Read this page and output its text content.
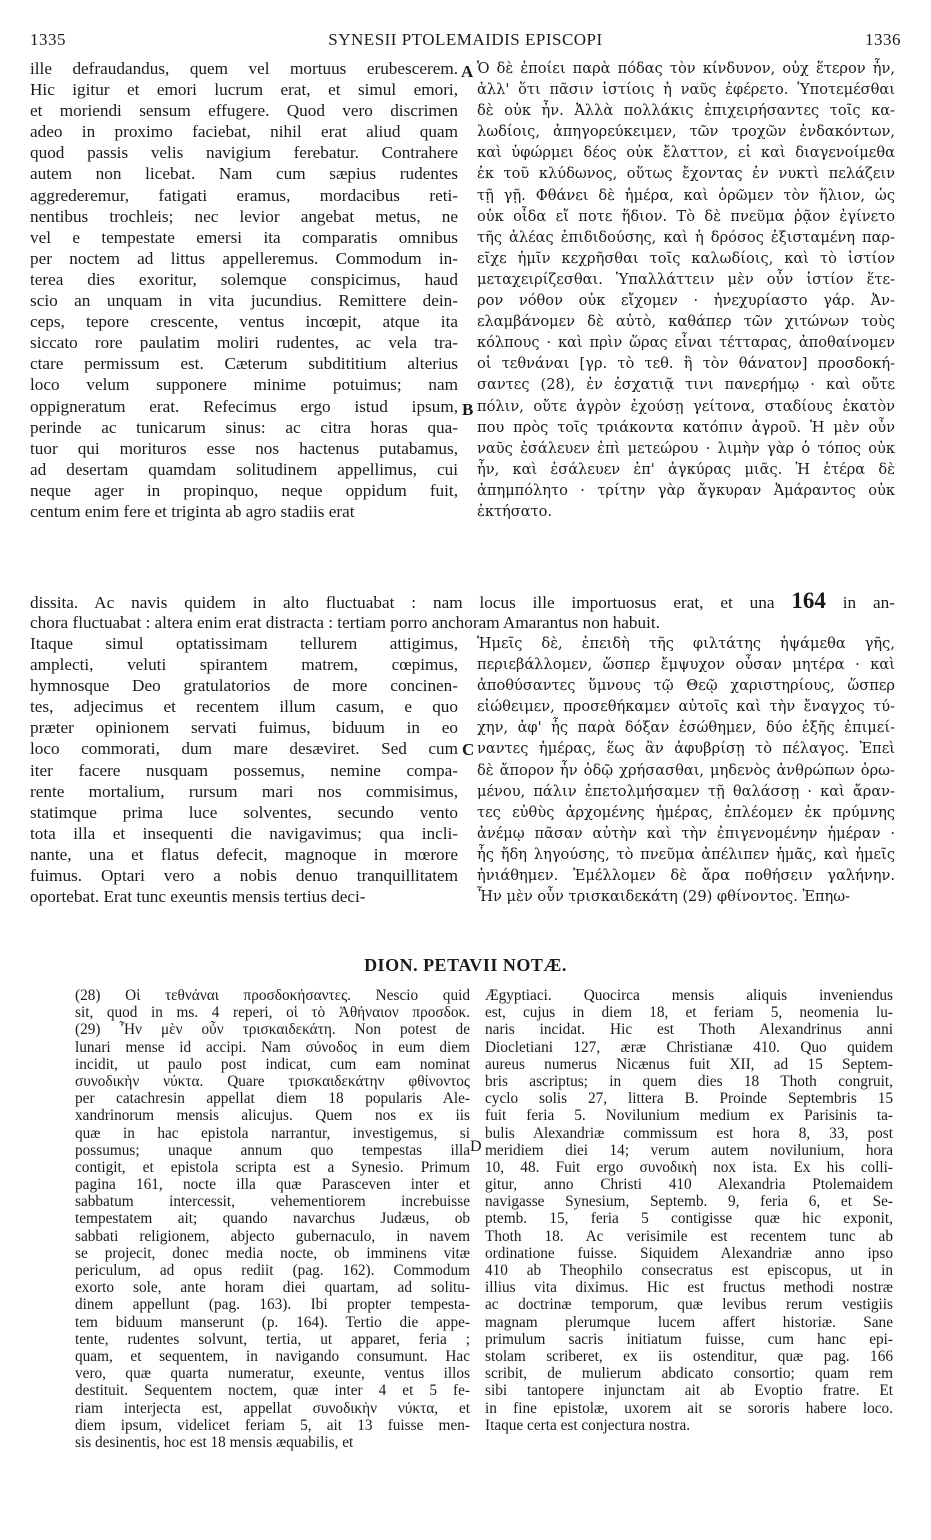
1335	SYNESII PTOLEMAIDIS EPISCOPI	1336
ille defraudandus, quem vel mortuus erubescerem.
Hic igitur et emori lucrum erat, et simul emori,
et moriendi sensum effugere. Quod vero discrimen
adeo in proximo faciebat, nihil erat aliud quam
quod passis velis navigium ferebatur. Contrahere
autem non licebat. Nam cum sæpius rudentes
aggrederemur, fatigati eramus, mordacibus reti-
nentibus trochleis; nec levior angebat metus, ne
vel e tempestate emersi ita comparatis omnibus
per noctem ad littus appelleremus. Commodum in-
terea dies exoritur, solemque conspicimus, haud
scio an unquam in vita jucundius. Remittere dein-
ceps, tepore crescente, ventus incœpit, atque ita
siccato rore paulatim moliri rudentes, ac vela tra-
ctare permissum est. Cæterum subdititium alterius
loco velum supponere minime potuimus; nam
oppigneratum erat. Refecimus ergo istud ipsum,
perinde ac tunicarum sinus: ac citra horas qua-
tuor qui morituros esse nos hactenus putabamus,
ad desertam quamdam solitudinem appellimus, cui
neque ager in propinquo, neque oppidum fuit,
centum enim fere et triginta ab agro stadiis erat
A Ὁ δὲ ἐποίει παρὰ πόδας τὸν κίνδυνον, οὐχ ἕτερον ἦν,
ἀλλ' ὅτι πᾶσιν ἱστίοις ἡ ναῦς ἐφέρετο. Ὑποτεμέσθαι
δὲ οὐκ ἦν. Ἀλλὰ πολλάκις ἐπιχειρήσαντες τοῖς κα-
λωδίοις, ἀπηγορεύκειμεν, τῶν τροχῶν ἐνδακόντων,
καὶ ὑφώρμει δέος οὐκ ἔλαττον, εἰ καὶ διαγενοίμεθα
ἐκ τοῦ κλύδωνος, οὕτως ἔχοντας ἐν νυκτὶ πελάζειν
τῇ γῇ. Φθάνει δὲ ἡμέρα, καὶ ὁρῶμεν τὸν ἥλιον, ὡς
οὐκ οἶδα εἴ ποτε ἥδιον. Τὸ δὲ πνεῦμα ῥᾷον ἐγίνετο
τῆς ἀλέας ἐπιδιδούσης, καὶ ἡ δρόσος ἐξισταμένη παρ-
εῖχε ἡμῖν κεχρῆσθαι τοῖς καλωδίοις, καὶ τὸ ἱστίον
μεταχειρίζεσθαι. Ὑπαλλάττειν μὲν οὖν ἱστίον ἕτε-
ρον νόθον οὐκ εἴχομεν · ἠνεχυρίαστο γάρ. Ἀν-
ελαμβάνομεν δὲ αὐτὸ, καθάπερ τῶν χιτώνων τοὺς
κόλπους · καὶ πρὶν ὥρας εἶναι τέτταρας, ἀποθαίνομεν
οἱ τεθνάναι [γρ. τὸ τεθ. ἢ τὸν θάνατον] προσδοκή-
σαντες (28), ἐν ἐσχατιᾷ τινι πανερήμῳ · καὶ οὔτε
πόλιν, οὔτε ἀγρὸν ἐχούσῃ γείτονα, σταδίους ἑκατὸν
που πρὸς τοῖς τριάκοντα κατόπιν ἀγροῦ. Ἡ μὲν οὖν
ναῦς ἐσάλευεν ἐπὶ μετεώρου · λιμὴν γὰρ ὁ τόπος οὐκ
ἦν, καὶ ἐσάλευεν ἐπ' ἀγκύρας μιᾶς. Ἡ ἑτέρα δὲ
ἀπημπόλητο · τρίτην γὰρ ἄγκυραν Ἀμάραντος οὐκ
ἐκτήσατο.
B
dissita. Ac navis quidem in alto fluctuabat : nam locus ille importuosus erat, et una 164 in an-
chora fluctuabat : altera enim erat distracta : tertiam porro anchoram Amarantus non habuit.
Itaque simul optatissimam tellurem attigimus,
amplecti, veluti spirantem matrem, cœpimus,
hymnosque Deo gratulatorios de more concinen-
tes, adjecimus et recentem illum casum, e quo
præter opinionem servati fuimus, biduum in eo
loco commorati, dum mare desæviret. Sed cum
iter facere nusquam possemus, nemine compa-
rente mortalium, rursum mari nos commisimus,
statimque prima luce solventes, secundo vento
tota illa et insequenti die navigavimus; qua incli-
nante, una et flatus defecit, magnoque in mœrore
fuimus. Optari vero a nobis denuo tranquillitatem
oportebat. Erat tunc exeuntis mensis tertius deci-
C
Ἡμεῖς δὲ, ἐπειδὴ τῆς φιλτάτης ἡψάμεθα γῆς,
περιεβάλλομεν, ὥσπερ ἔμψυχον οὖσαν μητέρα · καὶ
ἀποθύσαντες ὕμνους τῷ Θεῷ χαριστηρίους, ὥσπερ
εἰώθειμεν, προσεθήκαμεν αὐτοῖς καὶ τὴν ἔναγχος τύ-
χην, ἀφ' ἧς παρὰ δόξαν ἐσώθημεν, δύο ἑξῆς ἐπιμεί-
ναντες ἡμέρας, ἕως ἂν ἀφυβρίσῃ τὸ πέλαγος. Ἐπεὶ
δὲ ἄπορον ἦν ὁδῷ χρήσασθαι, μηδενὸς ἀνθρώπων ὁρω-
μένου, πάλιν ἐπετολμήσαμεν τῇ θαλάσσῃ · καὶ ἄραν-
τες εὐθὺς ἀρχομένης ἡμέρας, ἐπλέομεν ἐκ πρύμνης
ἀνέμῳ πᾶσαν αὐτὴν καὶ τὴν ἐπιγενομένην ἡμέραν ·
ἧς ἤδη ληγούσης, τὸ πνεῦμα ἀπέλιπεν ἡμᾶς, καὶ ἡμεῖς
ἠνιάθημεν. Ἐμέλλομεν δὲ ἄρα ποθήσειν γαλήνην.
Ἦν μὲν οὖν τρισκαιδεκάτη (29) φθίνοντος. Ἐπηω-
DION. PETAVII NOTÆ.
(28) Οἱ τεθνάναι προσδοκήσαντες. Nescio quid
sit, quod in ms. 4 reperi, οἱ τὸ Ἀθήναιον προσδοκ.
(29) Ἦν μὲν οὖν τρισκαιδεκάτη. Non potest de
lunari mense id accipi. Nam σύνοδος in eum diem
incidit, ut paulo post indicat, cum eam nominat
συνοδικὴν νύκτα. Quare τρισκαιδεκάτην φθίνοντος
per catachresin appellat diem 18 popularis Ale-
xandrinorum mensis alicujus. Quem nos ex iis
quæ in hac epistola narrantur, investigemus, si
possumus; unaque annum quo tempestas illa
contigit, et epistola scripta est a Synesio. Primum
pagina 161, nocte illa quæ Parasceven inter et
sabbatum intercessit, vehementiorem increbuisse
tempestatem ait; quando navarchus Judæus, ob
sabbati religionem, abjecto gubernaculo, in navem
se projecit, donec media nocte, ob imminens vitæ
periculum, ad opus rediit (pag. 162). Commodum
exorto sole, ante horam diei quartam, ad solitu-
dinem appellunt (pag. 163). Ibi propter tempesta-
tem biduum manserunt (p. 164). Tertio die appe-
tente, rudentes solvunt, tertia, ut apparet, feria ;
quam, et sequentem, in navigando consumunt. Hac
vero, quæ quarta numeratur, exeunte, ventus illos
destituit. Sequentem noctem, quæ inter 4 et 5 fe-
riam interjecta est, appellat συνοδικὴν νύκτα, et
diem ipsum, videlicet feriam 5, ait 13 fuisse men-
sis desinentis, hoc est 18 mensis æquabilis, et
D
Ægyptiaci. Quocirca mensis aliquis inveniendus
est, cujus in diem 18, et feriam 5, neomenia lu-
naris incidat. Hic est Thoth Alexandrinus anni
Diocletiani 127, æræ Christianæ 410. Quo quidem
aureus numerus Nicænus fuit XII, ad 15 Septem-
bris ascriptus; in quem dies 18 Thoth congruit,
cyclo solis 27, littera B. Proinde Septembris 15
fuit feria 5. Novilunium medium ex Parisinis ta-
bulis Alexandriæ commissum est hora 8, 33, post
meridiem diei 14; verum autem novilunium, hora
10, 48. Fuit ergo συνοδικὴ nox ista. Ex his colli-
gitur, anno Christi 410 Alexandria Ptolemaidem
navigasse Synesium, Septemb. 9, feria 6, et Se-
ptemb. 15, feria 5 contigisse quæ hic exponit,
Thoth 18. Ac verisimile est recentem tunc ab
ordinatione fuisse. Siquidem Alexandriæ anno ipso
410 ab Theophilo consecratus est episcopus, ut in
illius vita diximus. Hic est fructus methodi nostræ
ac doctrinæ temporum, quæ levibus rerum vestigiis
magnam plerumque lucem affert historiæ. Sane
primulum sacris initiatum fuisse, cum hanc epi-
stolam scriberet, ex iis ostenditur, quæ pag. 166
scribit, de mulierum abdicato consortio; quam rem
sibi tantopere injunctam ait ab Evoptio fratre. Et
in fine epistolæ, uxorem ait se sororis habere loco.
Itaque certa est conjectura nostra.
